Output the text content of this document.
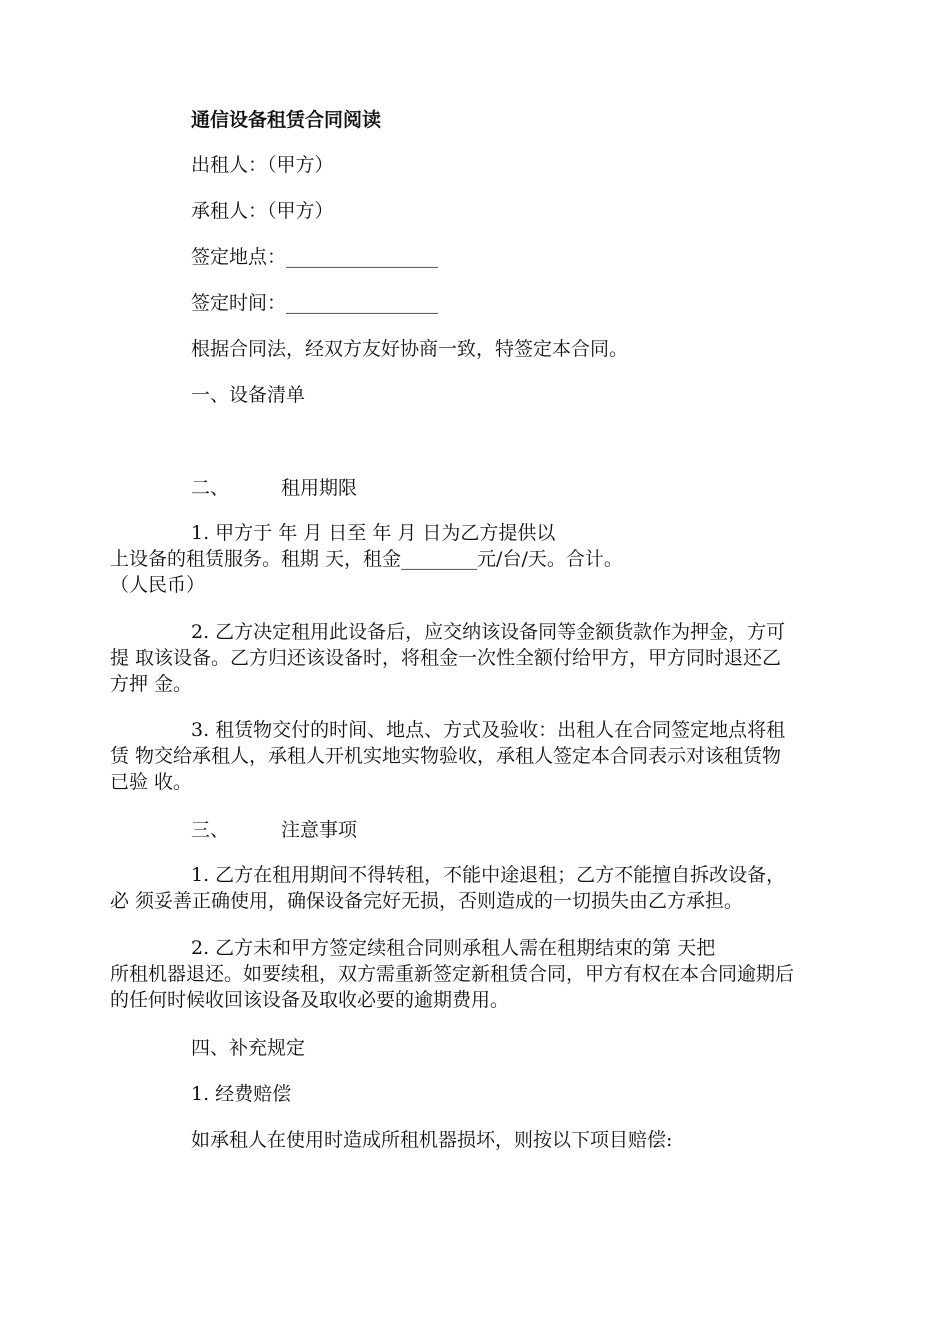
通信设备租赁合同阅读
出租人：（甲方）
承租人：（甲方）
签定地点：________________
签定时间：________________
根据合同法，经双方友好协商一致，特签定本合同。
一、设备清单
二、	租用期限
1. 甲方于 年 月 日至 年 月 日为乙方提供以
上设备的租赁服务。租期 天，租金________元/台/天。合计。
（人民币）
2. 乙方决定租用此设备后，应交纳该设备同等金额货款作为押金，方可
提 取该设备。乙方归还该设备时，将租金一次性全额付给甲方，甲方同时退还乙
方押 金。
3. 租赁物交付的时间、地点、方式及验收：出租人在合同签定地点将租
赁 物交给承租人，承租人开机实地实物验收，承租人签定本合同表示对该租赁物
已验 收。
三、	注意事项
1. 乙方在租用期间不得转租，不能中途退租；乙方不能擅自拆改设备，
必 须妥善正确使用，确保设备完好无损，否则造成的一切损失由乙方承担。
2. 乙方未和甲方签定续租合同则承租人需在租期结束的第 天把
所租机器退还。如要续租，双方需重新签定新租赁合同，甲方有权在本合同逾期后
的任何时候收回该设备及取收必要的逾期费用。
四、补充规定
1. 经费赔偿
如承租人在使用时造成所租机器损坏，则按以下项目赔偿:
